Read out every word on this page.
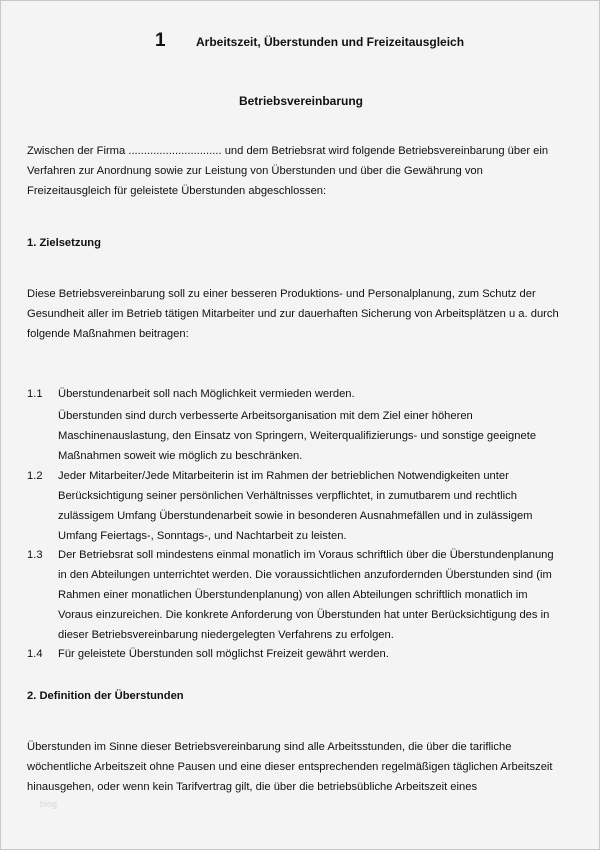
1	Arbeitszeit, Überstunden und Freizeitausgleich
Betriebsvereinbarung
Zwischen der Firma .............................. und dem Betriebsrat wird folgende Betriebsvereinbarung über ein
Verfahren zur Anordnung sowie zur Leistung von Überstunden und über die Gewährung von
Freizeitausgleich für geleistete Überstunden abgeschlossen:
1. Zielsetzung
Diese Betriebsvereinbarung soll zu einer besseren Produktions- und Personalplanung, zum Schutz der
Gesundheit aller im Betrieb tätigen Mitarbeiter und zur dauerhaften Sicherung von Arbeitsplätzen u a. durch
folgende Maßnahmen beitragen:
1.1 Überstundenarbeit soll nach Möglichkeit vermieden werden.
Überstunden sind durch verbesserte Arbeitsorganisation mit dem Ziel einer höheren
Maschinenauslastung, den Einsatz von Springern, Weiterqualifizierungs- und sonstige geeignete
Maßnahmen soweit wie möglich zu beschränken.
1.2 Jeder Mitarbeiter/Jede Mitarbeiterin ist im Rahmen der betrieblichen Notwendigkeiten unter
Berücksichtigung seiner persönlichen Verhältnisses verpflichtet, in zumutbarem und rechtlich
zulässigem Umfang Überstundenarbeit sowie in besonderen Ausnahmefällen und in zulässigem
Umfang Feiertags-, Sonntags-, und Nachtarbeit zu leisten.
1.3 Der Betriebsrat soll mindestens einmal monatlich im Voraus schriftlich über die Überstundenplanung
in den Abteilungen unterrichtet werden. Die voraussichtlichen anzufordernden Überstunden sind (im
Rahmen einer monatlichen Überstundenplanung) von allen Abteilungen schriftlich monatlich im
Voraus einzureichen. Die konkrete Anforderung von Überstunden hat unter Berücksichtigung des in
dieser Betriebsvereinbarung niedergelegten Verfahrens zu erfolgen.
1.4 Für geleistete Überstunden soll möglichst Freizeit gewährt werden.
2. Definition der Überstunden
Überstunden im Sinne dieser Betriebsvereinbarung sind alle Arbeitsstunden, die über die tarifliche
wöchentliche Arbeitszeit ohne Pausen und eine dieser entsprechenden regelmäßigen täglichen Arbeitszeit
hinausgehen, oder wenn kein Tarifvertrag gilt, die über die betriebsübliche Arbeitszeit eines
blog
